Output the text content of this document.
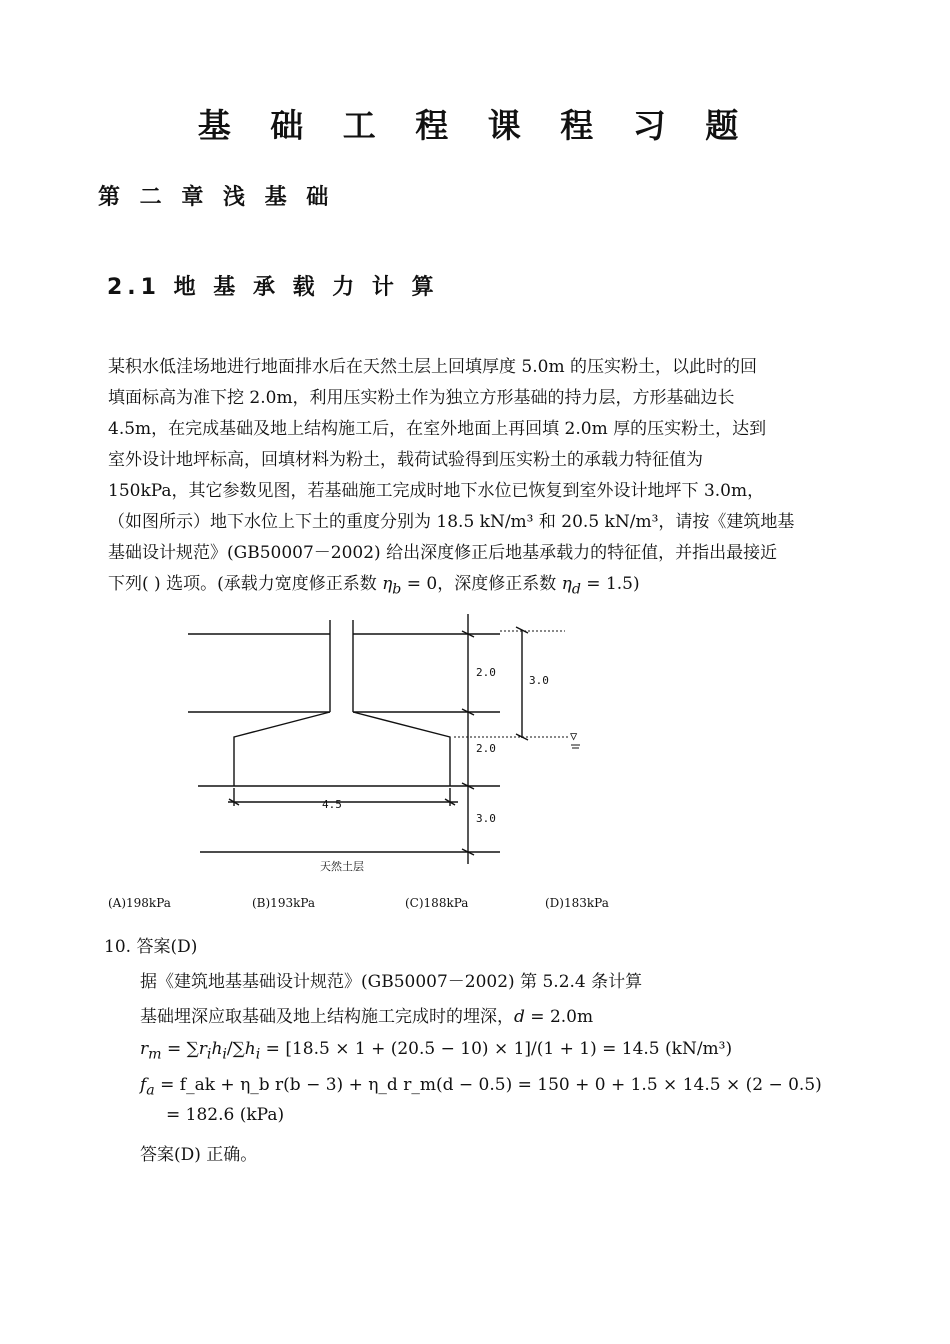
基 础 工 程 课 程 习 题
第 二 章 浅 基 础
2.1 地 基 承 载 力 计 算

某积水低洼场地进行地面排水后在天然土层上回填厚度 5.0m 的压实粉土，以此时的回

填面标高为准下挖 2.0m，利用压实粉土作为独立方形基础的持力层，方形基础边长

4.5m，在完成基础及地上结构施工后，在室外地面上再回填 2.0m 厚的压实粉土，达到

室外设计地坪标高，回填材料为粉土，载荷试验得到压实粉土的承载力特征值为

150kPa，其它参数见图，若基础施工完成时地下水位已恢复到室外设计地坪下 3.0m，

（如图所示）地下水位上下土的重度分别为 18.5 kN/m³ 和 20.5 kN/m³，请按《建筑地基

基础设计规范》(GB50007－2002) 给出深度修正后地基承载力的特征值，并指出最接近

下列( ) 选项。(承载力宽度修正系数 $\eta_b = 0$，深度修正系数 $\eta_d = 1.5$)

2.0
3.0
2.0
4.5
3.0
▽
天然土层
(A)198kPa	(B)193kPa	(C)188kPa	(D)183kPa
10. 答案(D)
据《建筑地基基础设计规范》(GB50007－2002) 第 5.2.4 条计算
基础埋深应取基础及地上结构施工完成时的埋深，d = 2.0m
$r_m = \sum r_ih_i/\sum h_i = [18.5 \times 1 + (20.5 - 10) \times 1]/(1 + 1) = 14.5$ (kN/m³)
$f_a$ = f_ak + η_b r(b − 3) + η_d r_m(d − 0.5) = 150 + 0 + 1.5 × 14.5 × (2 − 0.5)
= 182.6 (kPa)
答案(D) 正确。
